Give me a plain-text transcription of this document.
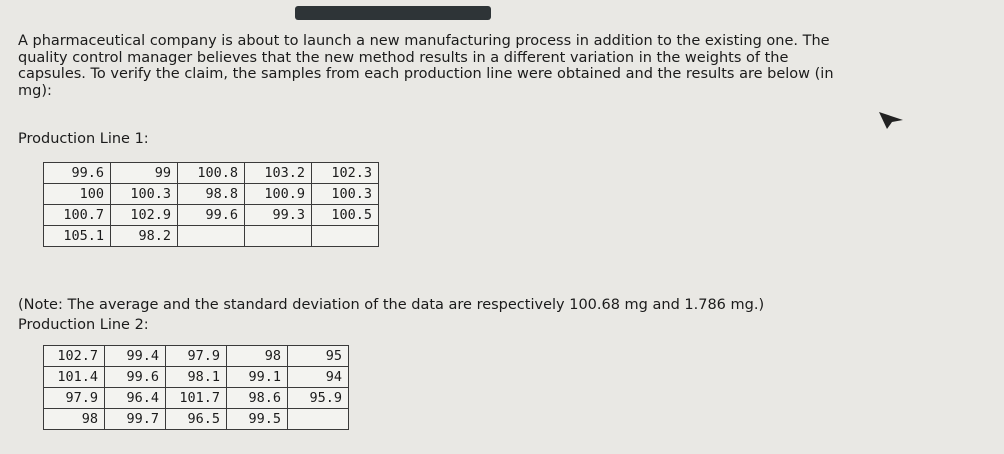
A pharmaceutical company is about to launch a new manufacturing process in addition to the existing one. The quality control manager believes that the new method results in a different variation in the weights of the capsules. To verify the claim, the samples from each production line were obtained and the results are below (in mg):

Production Line 1:

99.6	99	100.8	103.2	102.3
100	100.3	98.8	100.9	100.3
100.7	102.9	99.6	99.3	100.5
105.1	98.2			

(Note: The average and the standard deviation of the data are respectively 100.68 mg and 1.786 mg.)

Production Line 2:

102.7	99.4	97.9	98	95
101.4	99.6	98.1	99.1	94
97.9	96.4	101.7	98.6	95.9
98	99.7	96.5	99.5	
